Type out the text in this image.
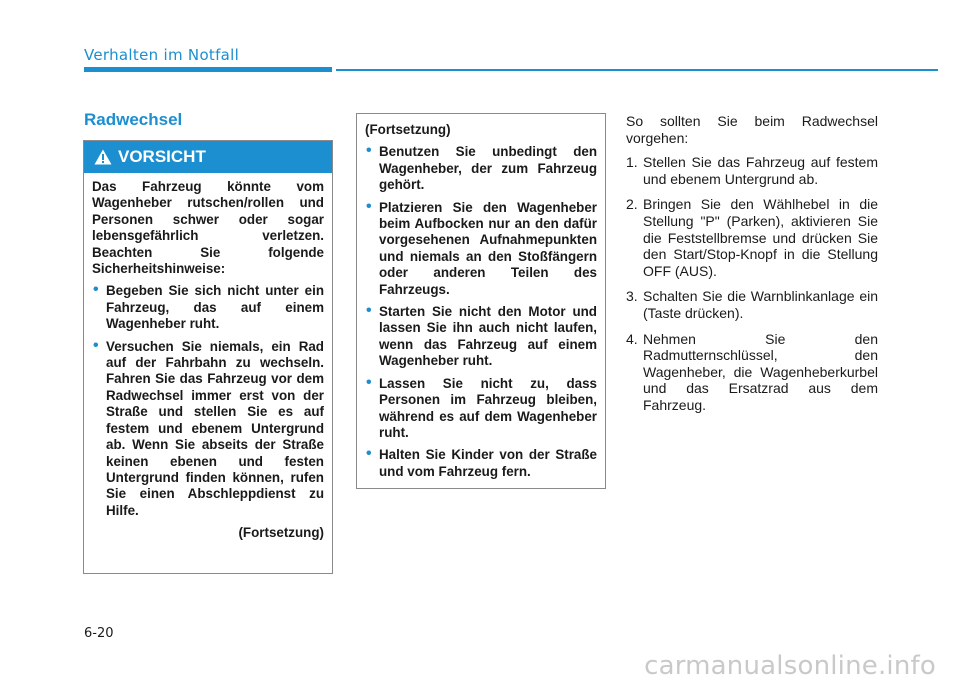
Verhalten im Notfall
Radwechsel
VORSICHT

Das Fahrzeug könnte vom Wagenheber rutschen/rollen und Personen schwer oder sogar lebensgefährlich verletzen. Beachten Sie folgende Sicherheitshinweise:

• Begeben Sie sich nicht unter ein Fahrzeug, das auf einem Wagenheber ruht.
• Versuchen Sie niemals, ein Rad auf der Fahrbahn zu wechseln. Fahren Sie das Fahrzeug vor dem Radwechsel immer erst von der Straße und stellen Sie es auf festem und ebenem Untergrund ab. Wenn Sie abseits der Straße keinen ebenen und festen Untergrund finden können, rufen Sie einen Abschleppdienst zu Hilfe.
(Fortsetzung)

(Fortsetzung)

• Benutzen Sie unbedingt den Wagenheber, der zum Fahrzeug gehört.
• Platzieren Sie den Wagenheber beim Aufbocken nur an den dafür vorgesehenen Aufnahmepunkten und niemals an den Stoßfängern oder anderen Teilen des Fahrzeugs.
• Starten Sie nicht den Motor und lassen Sie ihn auch nicht laufen, wenn das Fahrzeug auf einem Wagenheber ruht.
• Lassen Sie nicht zu, dass Personen im Fahrzeug bleiben, während es auf dem Wagenheber ruht.
• Halten Sie Kinder von der Straße und vom Fahrzeug fern.

So sollten Sie beim Radwechsel vorgehen:

1. Stellen Sie das Fahrzeug auf festem und ebenem Untergrund ab.
2. Bringen Sie den Wählhebel in die Stellung "P" (Parken), aktivieren Sie die Feststellbremse und drücken Sie den Start/Stop-Knopf in die Stellung OFF (AUS).
3. Schalten Sie die Warnblinkanlage ein (Taste drücken).
4. Nehmen Sie den Radmutternschlüssel, den Wagenheber, die Wagenheberkurbel und das Ersatzrad aus dem Fahrzeug.
6-20
carmanualsonline.info
